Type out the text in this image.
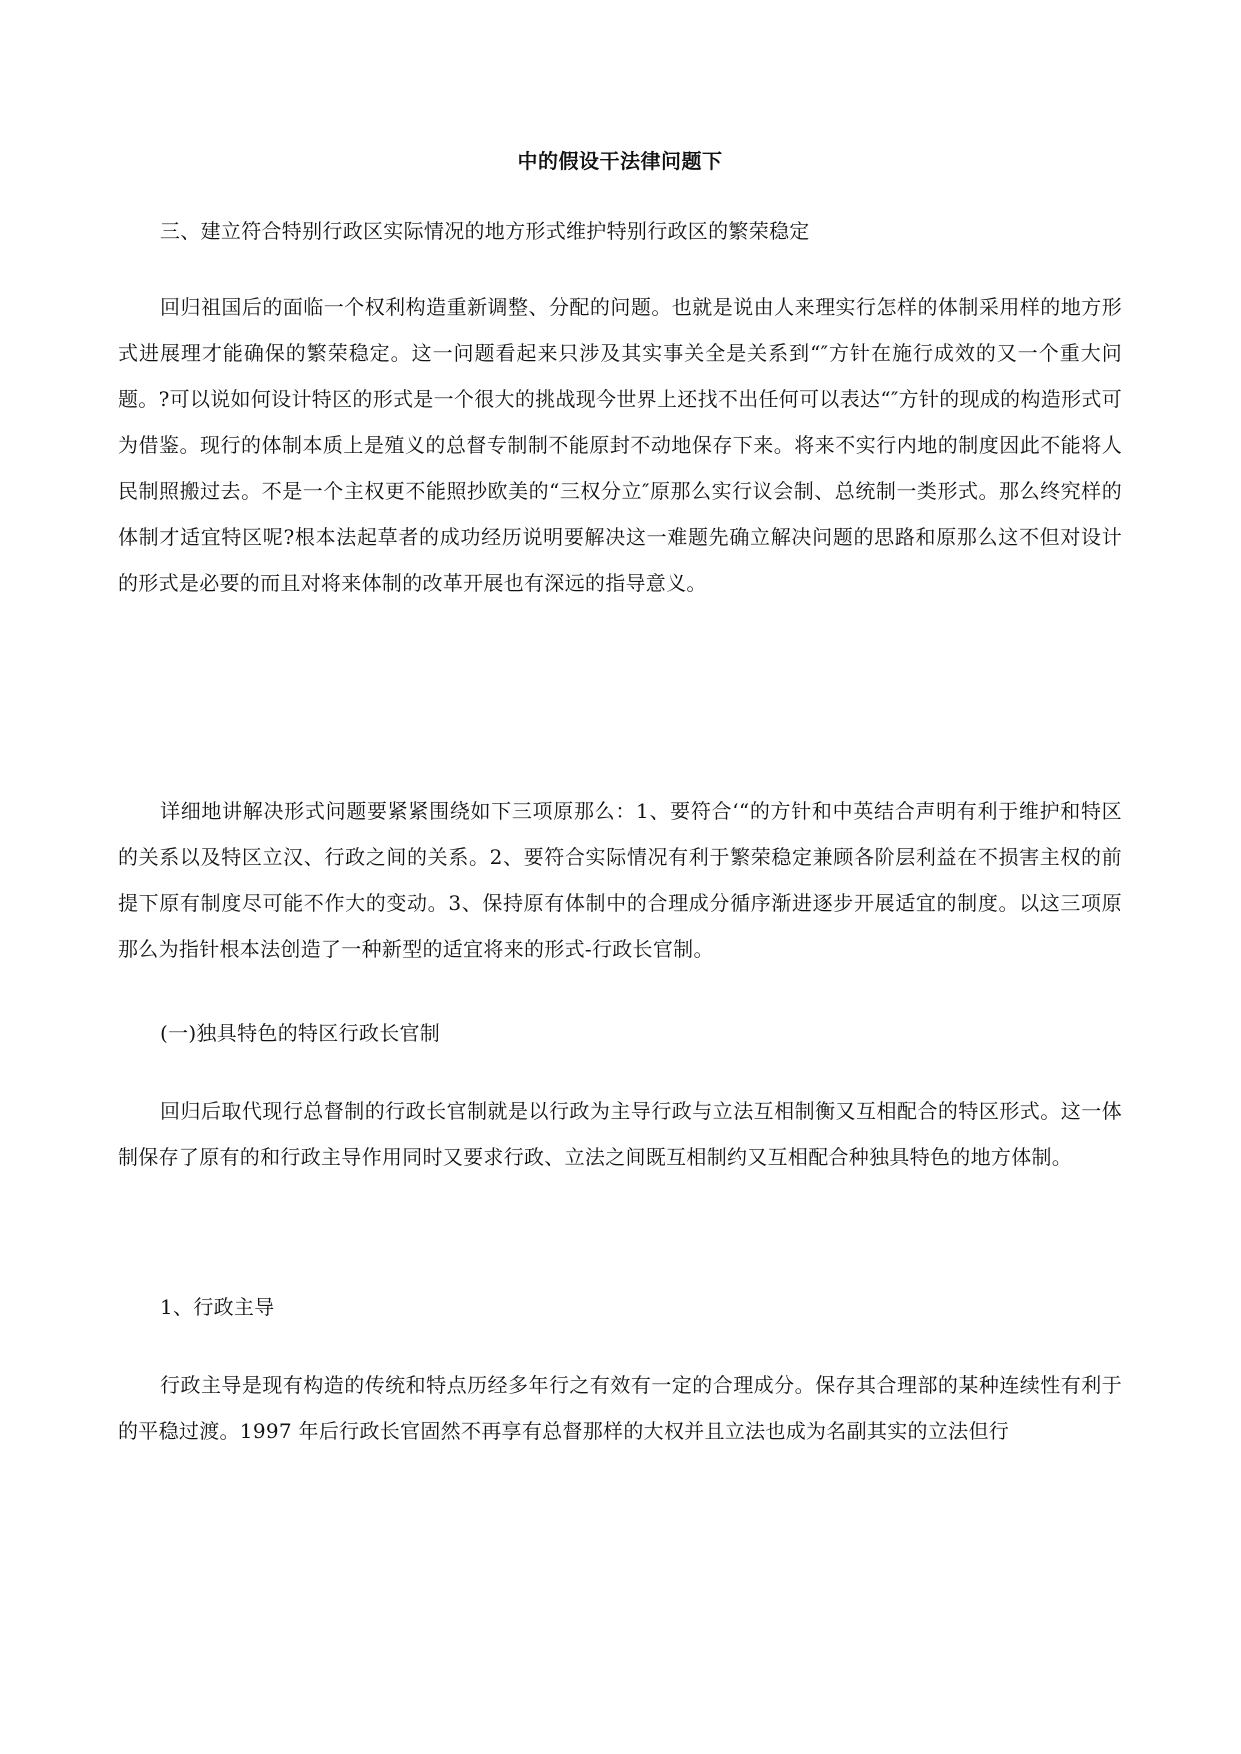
中的假设干法律问题下

三、建立符合特别行政区实际情况的地方形式维护特别行政区的繁荣稳定

回归祖国后的面临一个权利构造重新调整、分配的问题。也就是说由人来理实行怎样的体制采用样的地方形式进展理才能确保的繁荣稳定。这一问题看起来只涉及其实事关全是关系到“″方针在施行成效的又一个重大问题。?可以说如何设计特区的形式是一个很大的挑战现今世界上还找不出任何可以表达“″方针的现成的构造形式可为借鉴。现行的体制本质上是殖义的总督专制制不能原封不动地保存下来。将来不实行内地的制度因此不能将人民制照搬过去。不是一个主权更不能照抄欧美的“三权分立″原那么实行议会制、总统制一类形式。那么终究样的体制才适宜特区呢?根本法起草者的成功经历说明要解决这一难题先确立解决问题的思路和原那么这不但对设计的形式是必要的而且对将来体制的改革开展也有深远的指导意义。

详细地讲解决形式问题要紧紧围绕如下三项原那么：1、要符合‘“的方针和中英结合声明有利于维护和特区的关系以及特区立汉、行政之间的关系。2、要符合实际情况有利于繁荣稳定兼顾各阶层利益在不损害主权的前提下原有制度尽可能不作大的变动。3、保持原有体制中的合理成分循序渐进逐步开展适宜的制度。以这三项原那么为指针根本法创造了一种新型的适宜将来的形式-行政长官制。

(一)独具特色的特区行政长官制

回归后取代现行总督制的行政长官制就是以行政为主导行政与立法互相制衡又互相配合的特区形式。这一体制保存了原有的和行政主导作用同时又要求行政、立法之间既互相制约又互相配合种独具特色的地方体制。

1、行政主导

行政主导是现有构造的传统和特点历经多年行之有效有一定的合理成分。保存其合理部的某种连续性有利于的平稳过渡。1997 年后行政长官固然不再享有总督那样的大权并且立法也成为名副其实的立法但行
